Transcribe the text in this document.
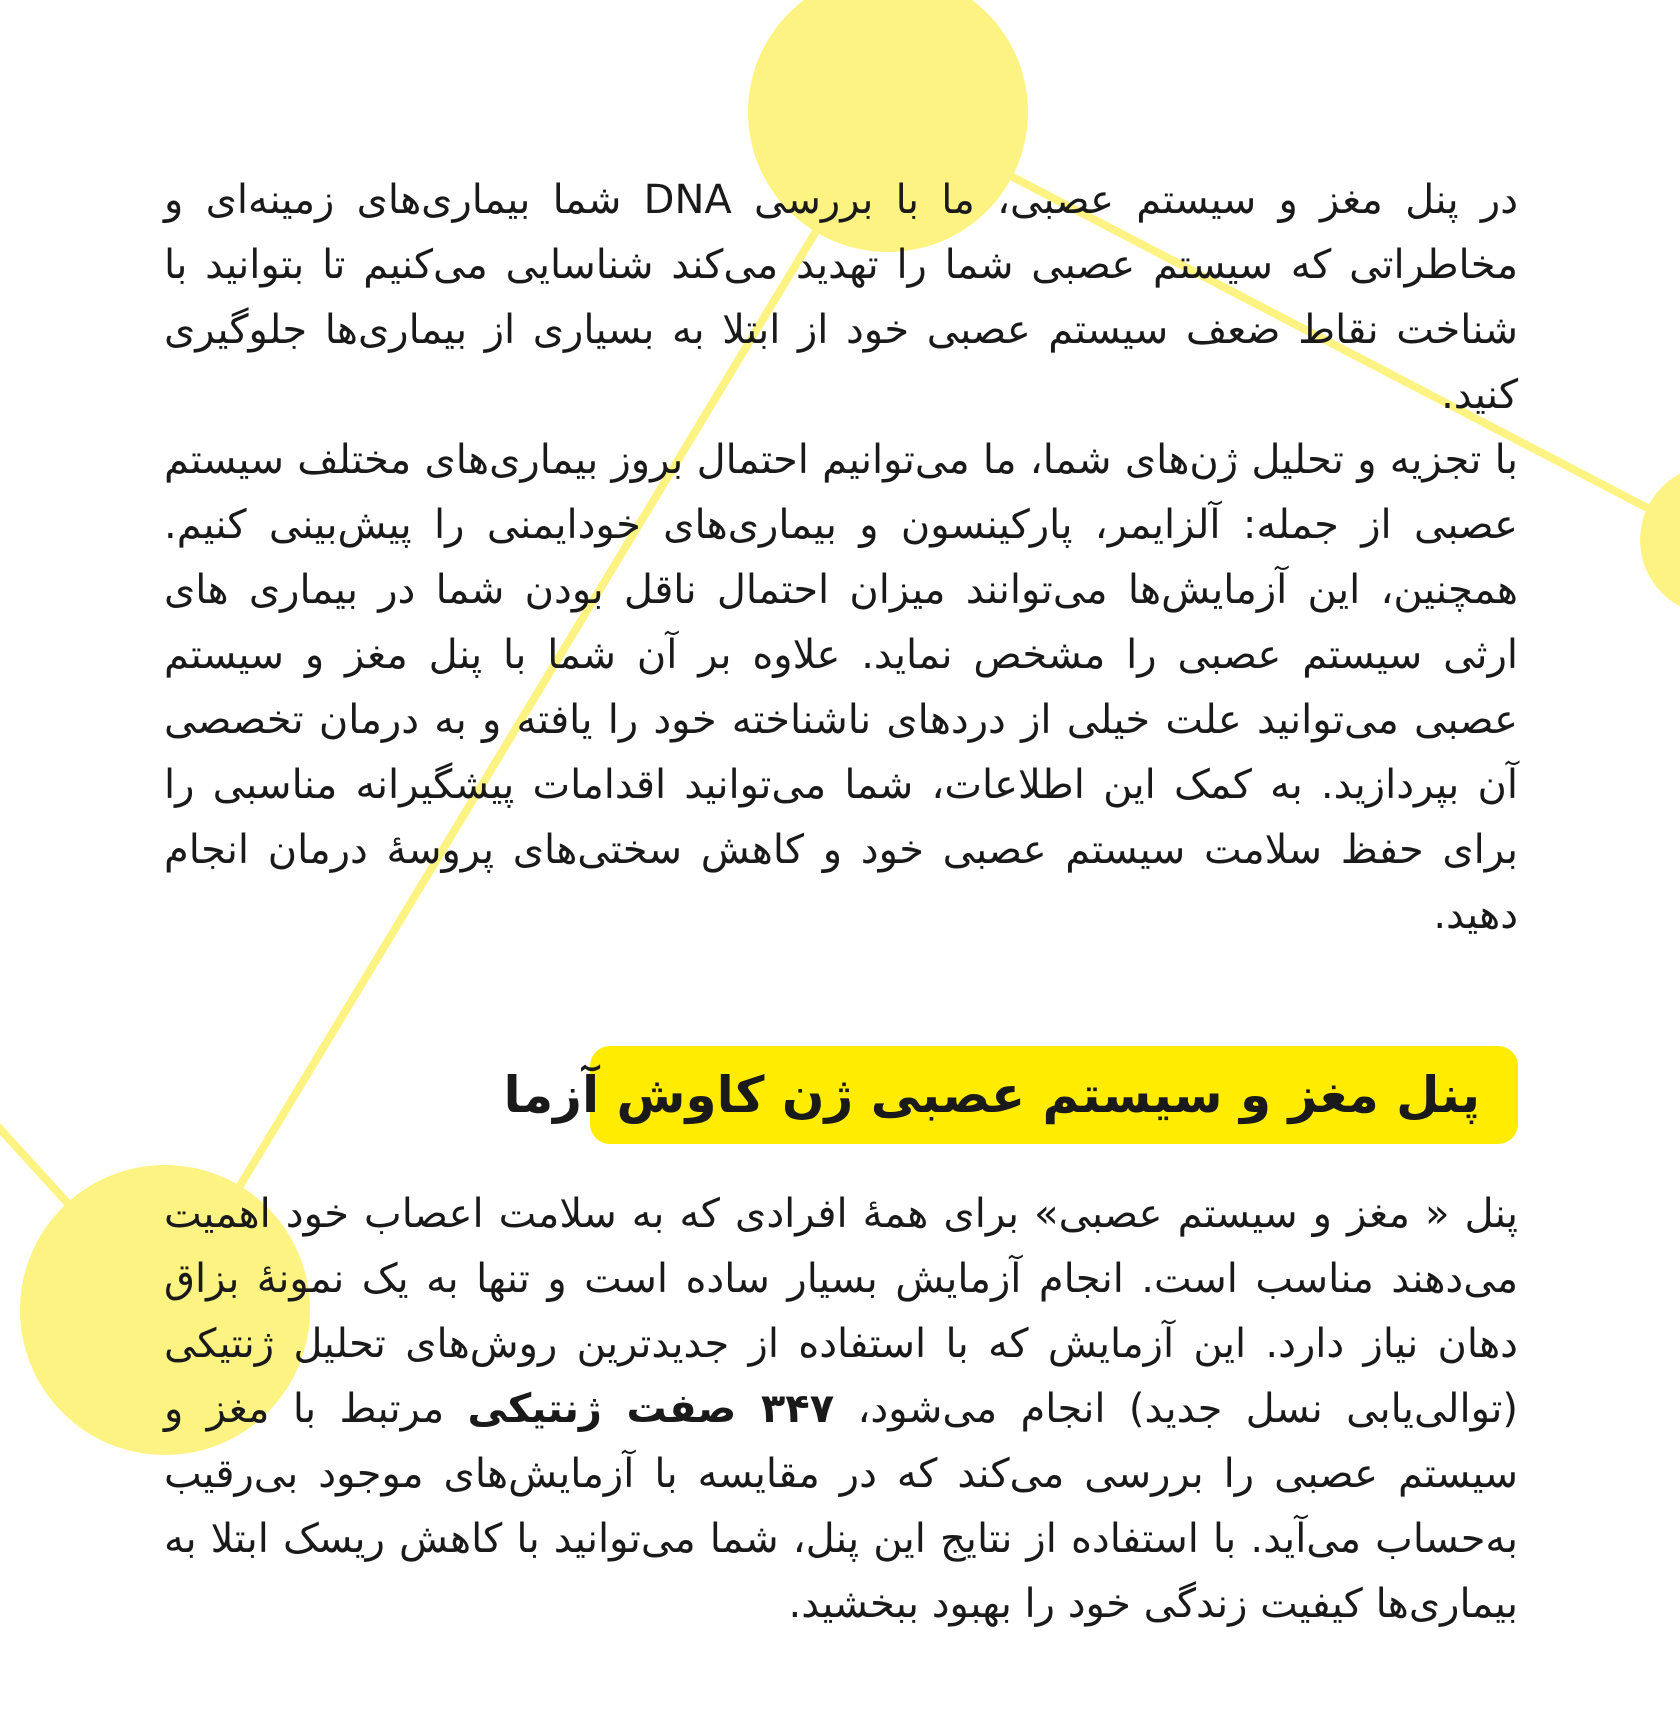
در پنل مغز و سیستم عصبی، ما با بررسی DNA شما بیماری‌های زمینه‌ای و مخاطراتی که سیستم عصبی شما را تهدید می‌کند شناسایی می‌کنیم تا بتوانید با شناخت نقاط ضعف سیستم عصبی خود از ابتلا به بسیاری از بیماری‌ها جلوگیری کنید.

با تجزیه و تحلیل ژن‌های شما، ما می‌توانیم احتمال بروز بیماری‌های مختلف سیستم عصبی از جمله: آلزایمر، پارکینسون و بیماری‌های خودایمنی را پیش‌بینی کنیم. همچنین، این آزمایش‌ها می‌توانند میزان احتمال ناقل بودن شما در بیماری های ارثی سیستم عصبی را مشخص نماید. علاوه بر آن شما با پنل مغز و سیستم عصبی می‌توانید علت خیلی از دردهای ناشناخته خود را یافته و به درمان تخصصی آن بپردازید. به کمک این اطلاعات، شما می‌توانید اقدامات پیشگیرانه مناسبی را برای حفظ سلامت سیستم عصبی خود و کاهش سختی‌های پروسهٔ درمان انجام دهید.

پنل مغز و سیستم عصبی ژن کاوش آزما

پنل « مغز و سیستم عصبی» برای همهٔ افرادی که به سلامت اعصاب خود اهمیت می‌دهند مناسب است. انجام آزمایش بسیار ساده است و تنها به یک نمونهٔ بزاق دهان نیاز دارد. این آزمایش که با استفاده از جدیدترین روش‌های تحلیل ژنتیکی (توالی‌یابی نسل جدید) انجام می‌شود، ۳۴۷ صفت ژنتیکی مرتبط با مغز و سیستم عصبی را بررسی می‌کند که در مقایسه با آزمایش‌های موجود بی‌رقیب به‌حساب می‌آید. با استفاده از نتایج این پنل، شما می‌توانید با کاهش ریسک ابتلا به بیماری‌ها کیفیت زندگی خود را بهبود ببخشید.
